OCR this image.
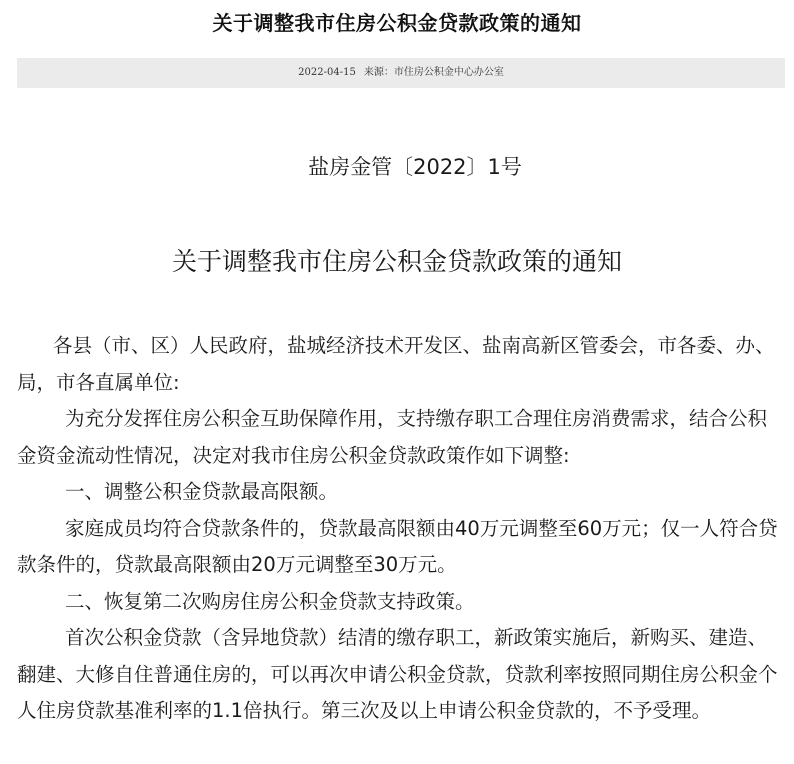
关于调整我市住房公积金贷款政策的通知
2022-04-15 来源：市住房公积金中心办公室
盐房金管〔2022〕1号
关于调整我市住房公积金贷款政策的通知

各县（市、区）人民政府，盐城经济技术开发区、盐南高新区管委会，市各委、办、局，市各直属单位:

为充分发挥住房公积金互助保障作用，支持缴存职工合理住房消费需求，结合公积金资金流动性情况，决定对我市住房公积金贷款政策作如下调整:

一、调整公积金贷款最高限额。

家庭成员均符合贷款条件的，贷款最高限额由40万元调整至60万元；仅一人符合贷款条件的，贷款最高限额由20万元调整至30万元。

二、恢复第二次购房住房公积金贷款支持政策。

首次公积金贷款（含异地贷款）结清的缴存职工，新政策实施后，新购买、建造、翻建、大修自住普通住房的，可以再次申请公积金贷款，贷款利率按照同期住房公积金个人住房贷款基准利率的1.1倍执行。第三次及以上申请公积金贷款的，不予受理。
